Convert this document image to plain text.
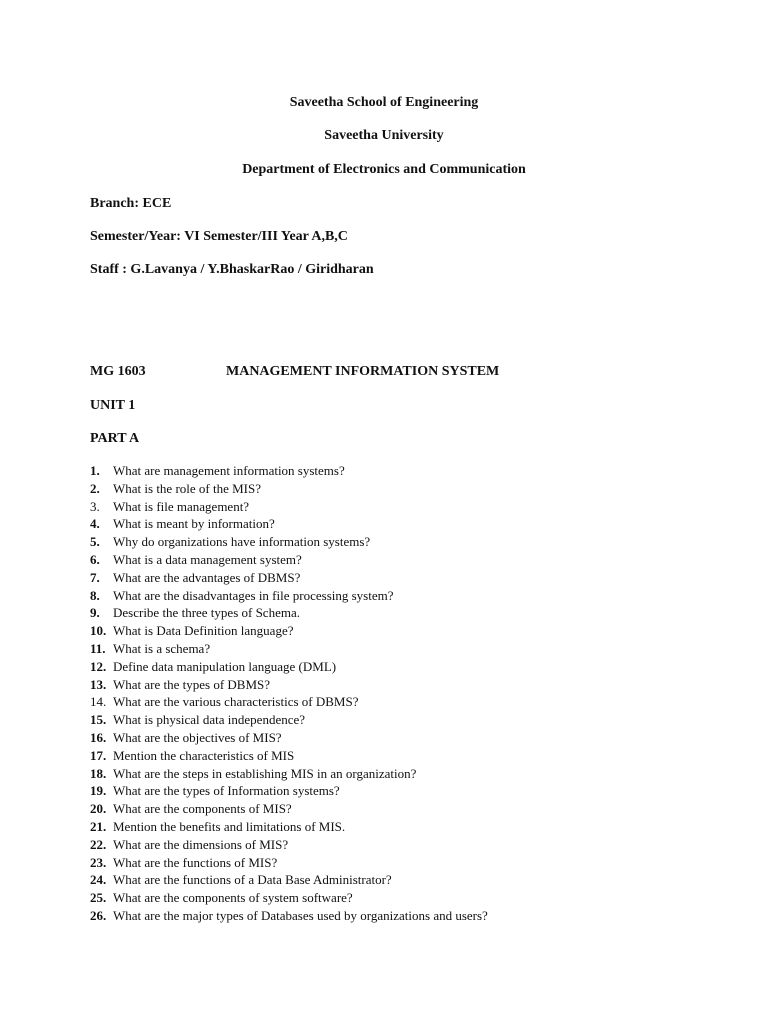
Saveetha School of Engineering
Saveetha University
Department of Electronics and Communication
Branch: ECE
Semester/Year: VI Semester/III Year A,B,C
Staff : G.Lavanya / Y.BhaskarRao / Giridharan
MG 1603	MANAGEMENT INFORMATION SYSTEM
UNIT 1
PART A
1. What are management information systems?
2. What is the role of the MIS?
3. What is file management?
4. What is meant by information?
5. Why do organizations have information systems?
6. What is a data management system?
7. What are the advantages of DBMS?
8. What are the disadvantages in file processing system?
9. Describe the three types of Schema.
10. What is Data Definition language?
11. What is a schema?
12. Define data manipulation language (DML)
13. What are the types of DBMS?
14. What are the various characteristics of DBMS?
15. What is physical data independence?
16. What are the objectives of MIS?
17. Mention the characteristics of MIS
18. What are the steps in establishing MIS in an organization?
19. What are the types of Information systems?
20. What are the components of MIS?
21. Mention the benefits and limitations of MIS.
22. What are the dimensions of MIS?
23. What are the functions of MIS?
24. What are the functions of a Data Base Administrator?
25. What are the components of system software?
26. What are the major types of Databases used by organizations and users?
